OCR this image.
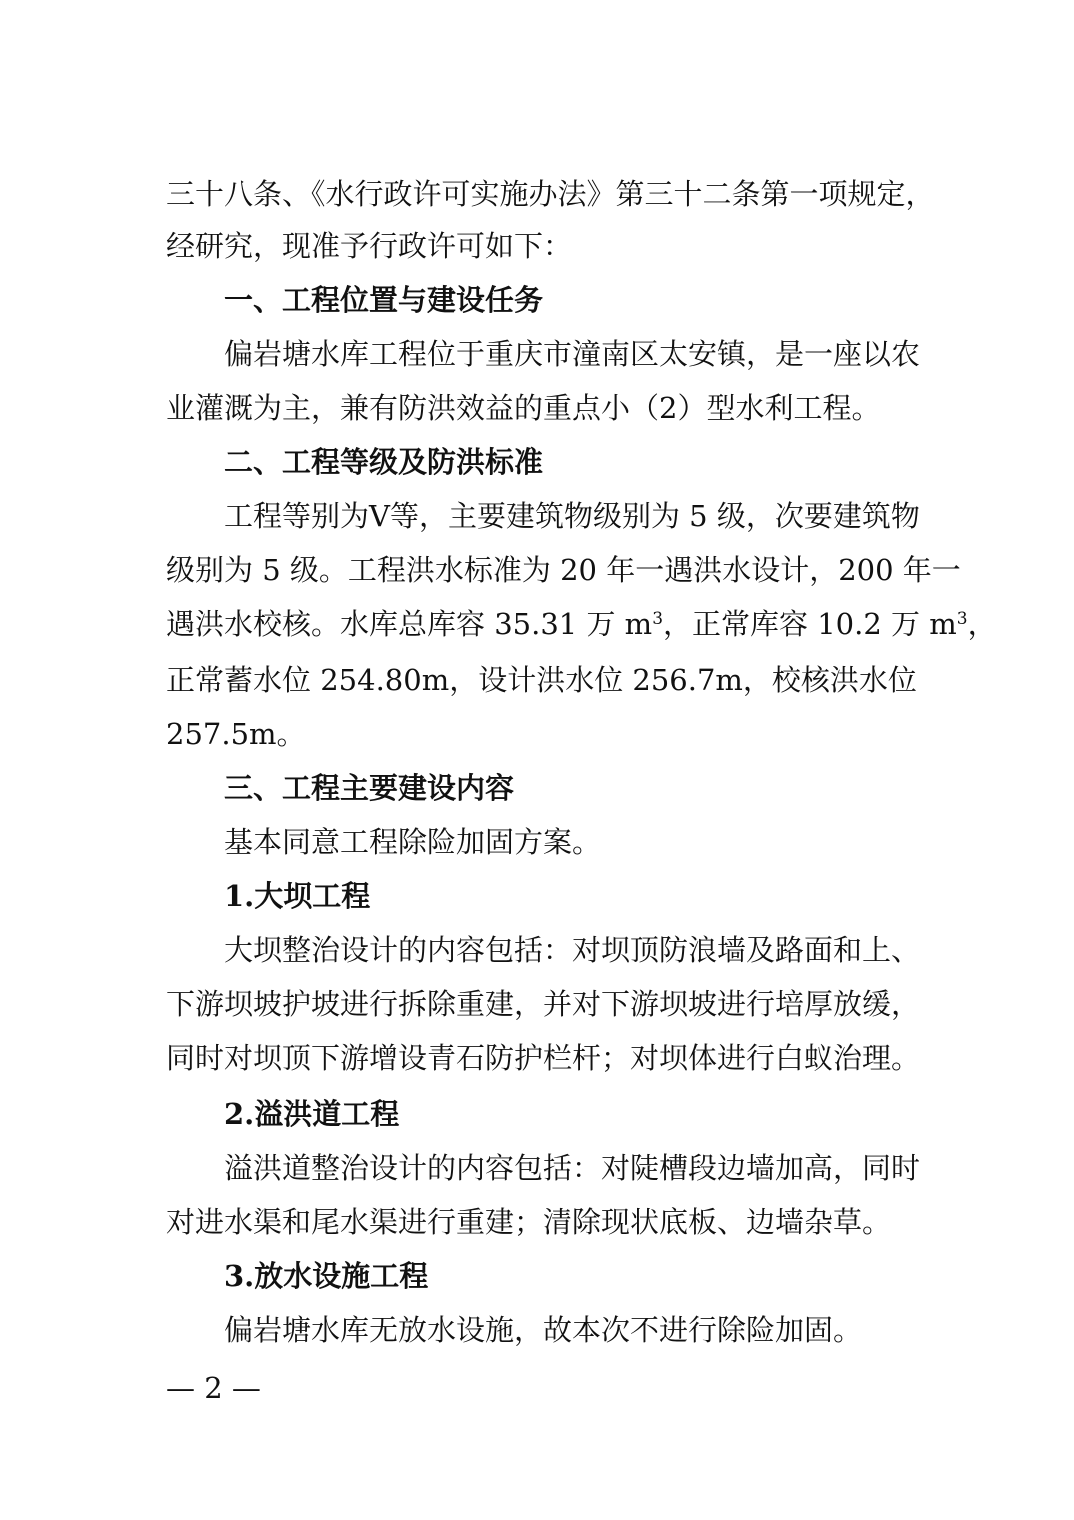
三十八条、《水行政许可实施办法》第三十二条第一项规定，
经研究，现准予行政许可如下：
一、工程位置与建设任务
偏岩塘水库工程位于重庆市潼南区太安镇，是一座以农
业灌溉为主，兼有防洪效益的重点小（2）型水利工程。
二、工程等级及防洪标准
工程等别为Ⅴ等，主要建筑物级别为 5 级，次要建筑物
级别为 5 级。工程洪水标准为 20 年一遇洪水设计，200 年一
遇洪水校核。水库总库容 35.31 万 $m^3$，正常库容 10.2 万 $m^3$，
正常蓄水位 254.80m，设计洪水位 256.7m，校核洪水位
257.5m。
三、工程主要建设内容
基本同意工程除险加固方案。
1.大坝工程
大坝整治设计的内容包括：对坝顶防浪墙及路面和上、
下游坝坡护坡进行拆除重建，并对下游坝坡进行培厚放缓，
同时对坝顶下游增设青石防护栏杆；对坝体进行白蚁治理。
2.溢洪道工程
溢洪道整治设计的内容包括：对陡槽段边墙加高，同时
对进水渠和尾水渠进行重建；清除现状底板、边墙杂草。
3.放水设施工程
偏岩塘水库无放水设施，故本次不进行除险加固。
— 2 —
